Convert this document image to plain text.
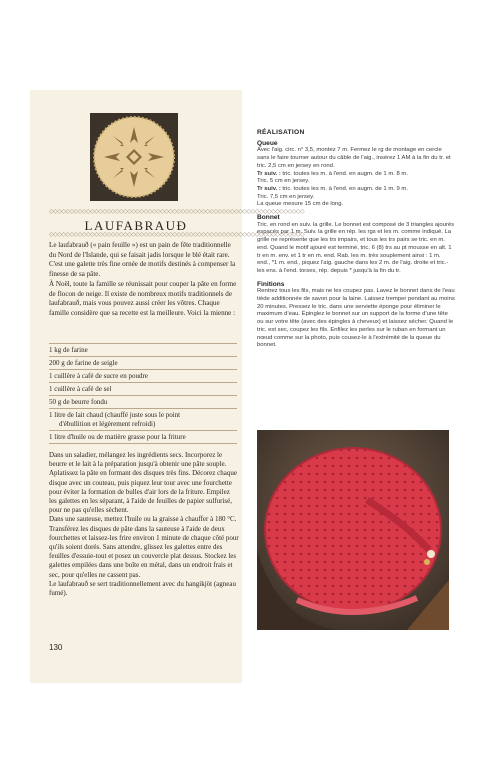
◇◇◇◇◇◇◇◇◇◇◇◇◇◇◇◇◇◇◇◇◇◇◇◇◇◇◇◇◇◇◇◇◇◇◇◇◇◇◇◇◇◇◇◇◇◇◇◇◇◇◇◇◇◇◇◇◇◇◇◇◇◇
LAUFABRAUÐ
◇◇◇◇◇◇◇◇◇◇◇◇◇◇◇◇◇◇◇◇◇◇◇◇◇◇◇◇◇◇◇◇◇◇◇◇◇◇◇◇◇◇◇◇◇◇◇◇◇◇◇◇◇◇◇◇◇◇◇◇◇◇

Le laufabrauð (« pain feuille ») est un pain de fête traditionnelle du Nord de l'Islande, qui se faisait jadis lorsque le blé était rare. C'est une galette très fine ornée de motifs destinés à compenser la finesse de sa pâte.

À Noël, toute la famille se réunissait pour couper la pâte en forme de flocon de neige. Il existe de nombreux motifs traditionnels de laufabrauð, mais vous pouvez aussi créer les vôtres. Chaque famille considère que sa recette est la meilleure. Voici la mienne :

1 kg de farine
200 g de farine de seigle
1 cuillère à café de sucre en poudre
1 cuillère à café de sel
50 g de beurre fondu
1 litre de lait chaud (chauffé juste sous le point
d'ébullition et légèrement refroidi)
1 litre d'huile ou de matière grasse pour la friture

Dans un saladier, mélangez les ingrédients secs. Incorporez le beurre et le lait à la préparation jusqu'à obtenir une pâte souple. Aplatissez la pâte en formant des disques très fins. Décorez chaque disque avec un couteau, puis piquez leur tour avec une fourchette pour éviter la formation de bulles d'air lors de la friture. Empilez les galettes en les séparant, à l'aide de feuilles de papier sulfurisé, pour ne pas qu'elles sèchent.

Dans une sauteuse, mettez l'huile ou la graisse à chauffer à 180 °C. Transférez les disques de pâte dans la sauteuse à l'aide de deux fourchettes et laissez-les frire environ 1 minute de chaque côté pour qu'ils soient dorés. Sans attendre, glissez les galettes entre des feuilles d'essuie-tout et posez un couvercle plat dessus. Stockez les galettes empilées dans une boîte en métal, dans un endroit frais et sec, pour qu'elles ne cassent pas.

Le laufabrauð se sert traditionnellement avec du hangikjöt (agneau fumé).

130

RÉALISATION

Queue

Avec l'aig. circ. n° 3,5, montez 7 m. Fermez le rg de montage en cercle sans le faire tourner autour du câble de l'aig., insérez 1 AM à la fin du tr. et tric. 2,5 cm en jersey en rond.

Tr suiv. : tric. toutes les m. à l'end. en augm. de 1 m. 8 m.

Tric. 5 cm en jersey.

Tr suiv. : tric. toutes les m. à l'end. en augm. de 1 m. 9 m.

Tric. 7,5 cm en jersey.

La queue mesure 15 cm de long.

Bonnet

Tric. en rond en suiv. la grille. Le bonnet est composé de 3 triangles ajourés espacés par 1 m. Suiv. la grille en rép. les rgs et les m. comme indiqué. La grille ne représente que les trs impairs, et tous les trs pairs se tric. en m. end. Quand le motif ajouré est terminé, tric. 6 (8) trs au pt mousse en alt. 1 tr en m. env. et 1 tr en m. end. Rab. les m. très souplement ainsi : 1 m. end., *1 m. end., piquez l'aig. gauche dans les 2 m. de l'aig. droite et tric.-les ens. à l'end. torses, rép. depuis * jusqu'à la fin du tr.

Finitions

Rentrez tous les fils, mais ne les coupez pas. Lavez le bonnet dans de l'eau tiède additionnée de savon pour la laine. Laissez tremper pendant au moins 20 minutes. Pressez le tric. dans une serviette éponge pour éliminer le maximum d'eau. Épinglez le bonnet sur un support de la forme d'une tête ou sur votre tête (avec des épingles à cheveux) et laissez sécher. Quand le tric. est sec, coupez les fils. Enfilez les perles sur le ruban en formant un nœud comme sur la photo, puis cousez-le à l'extrémité de la queue du bonnet.
